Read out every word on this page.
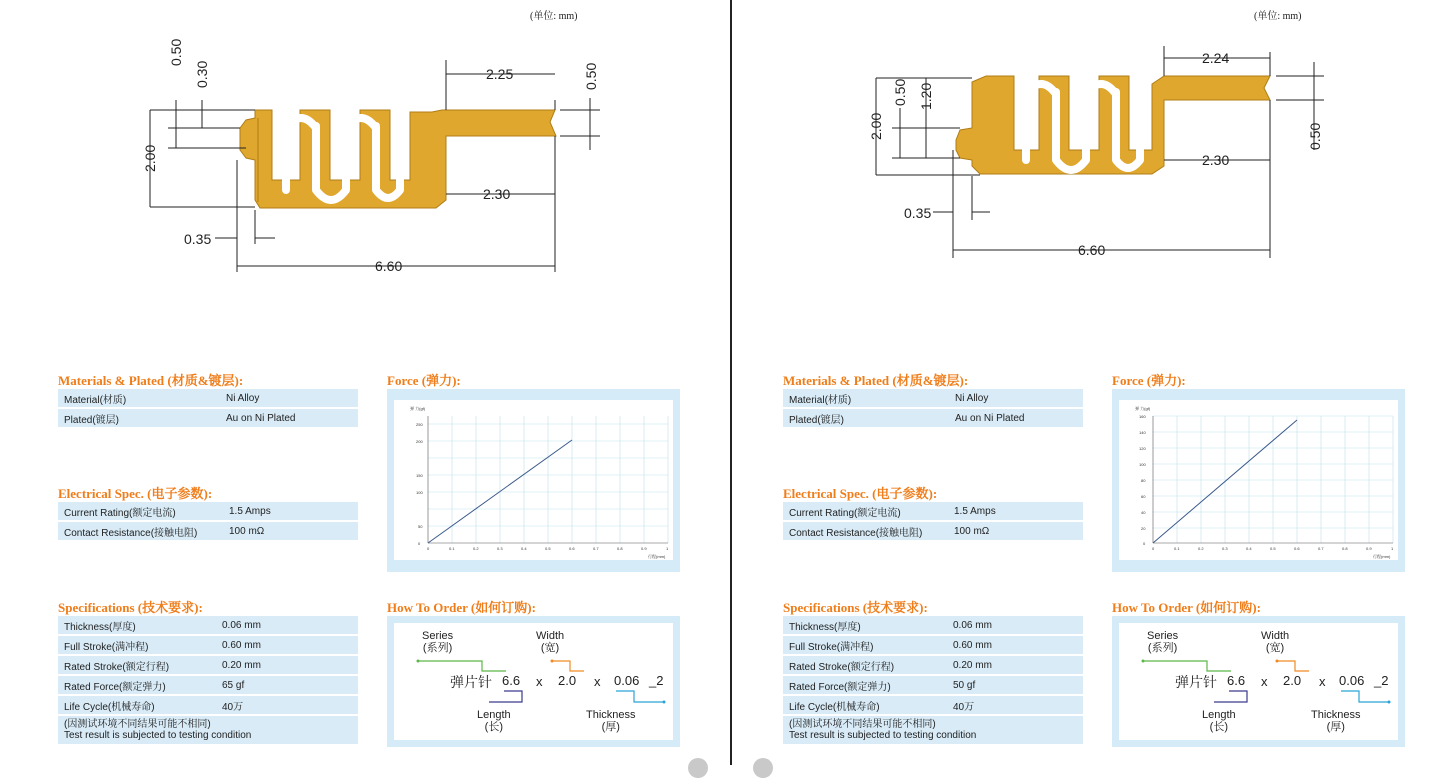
(单位: mm)
0.50
0.30
2.00
0.35
2.25	0.50
2.30
6.60
Materials & Plated (材质&镀层):
Material(材质)	Ni Alloy
Plated(镀层)	Au on Ni Plated
Electrical Spec. (电子参数):
Current Rating(额定电流)	1.5 Amps
Contact Resistance(接触电阻)	100 mΩ
Specifications (技术要求):
Thickness(厚度)	0.06 mm
Full Stroke(满冲程)	0.60 mm
Rated Stroke(额定行程)	0.20 mm
Rated Force(额定弹力)	65 gf
Life Cycle(机械寿命)	40万
(因测试环境不同结果可能不相同)
Test result is subjected to testing condition	
Force (弹力):
弹 力(gf)
行程(mm)
0
50
100
150
200
250
0	0.1	0.2	0.3	0.4	0.5	0.6	0.7	0.8	0.9	1
How To Order (如何订购):
Series
(系列)
Width
(宽)
弹片针 6.6 x 2.0 x 0.06 _2
Length
(长)
Thickness
(厚)
(单位: mm)
0.50 1.20
2.00
0.35
2.24
0.50
2.30
6.60
Materials & Plated (材质&镀层):
Material(材质)	Ni Alloy
Plated(镀层)	Au on Ni Plated
Electrical Spec. (电子参数):
Current Rating(额定电流)	1.5 Amps
Contact Resistance(接触电阻)	100 mΩ
Specifications (技术要求):
Thickness(厚度)	0.06 mm
Full Stroke(满冲程)	0.60 mm
Rated Stroke(额定行程)	0.20 mm
Rated Force(额定弹力)	50 gf
Life Cycle(机械寿命)	40万
(因测试环境不同结果可能不相同)
Test result is subjected to testing condition	
Force (弹力):
弹 力(gf)
行程(mm)
0
20
40
60
80
100
120
140
160
0	0.1	0.2	0.3	0.4	0.5	0.6	0.7	0.8	0.9	1
How To Order (如何订购):
Series
(系列)
Width
(宽)
弹片针 6.6 x 2.0 x 0.06 _2
Length
(长)
Thickness
(厚)
